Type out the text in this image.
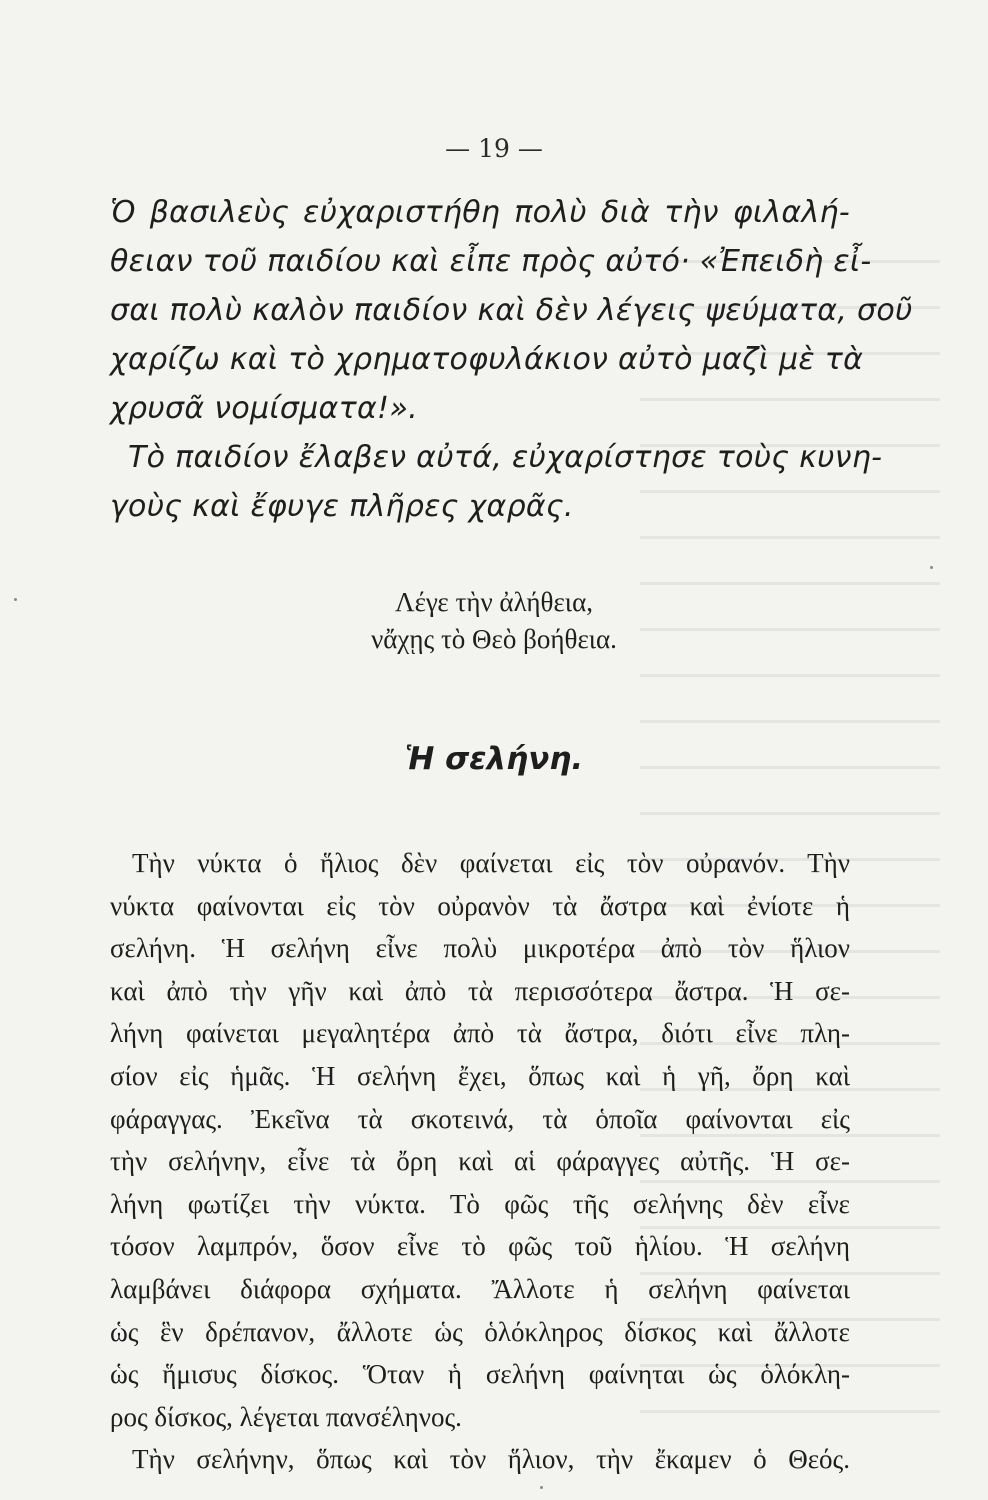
— 19 —
Ὁ βασιλεὺς εὐχαριστήθη πολὺ διὰ τὴν φιλαλή-
θειαν τοῦ παιδίου καὶ εἶπε πρὸς αὐτό· «Ἐπειδὴ εἶ-
σαι πολὺ καλὸν παιδίον καὶ δὲν λέγεις ψεύματα, σοῦ
χαρίζω καὶ τὸ χρηματοφυλάκιον αὐτὸ μαζὶ μὲ τὰ
χρυσᾶ νομίσματα!».
Τὸ παιδίον ἔλαβεν αὐτά, εὐχαρίστησε τοὺς κυνη-
γοὺς καὶ ἔφυγε πλῆρες χαρᾶς.
Λέγε τὴν ἀλήθεια,
νἄχῃς τὸ Θεὸ βοήθεια.
Ἡ σελήνη.
Τὴν νύκτα ὁ ἥλιος δὲν φαίνεται εἰς τὸν οὐρανόν. Τὴν
νύκτα φαίνονται εἰς τὸν οὐρανὸν τὰ ἄστρα καὶ ἐνίοτε ἡ
σελήνη. Ἡ σελήνη εἶνε πολὺ μικροτέρα ἀπὸ τὸν ἥλιον
καὶ ἀπὸ τὴν γῆν καὶ ἀπὸ τὰ περισσότερα ἄστρα. Ἡ σε-
λήνη φαίνεται μεγαλητέρα ἀπὸ τὰ ἄστρα, διότι εἶνε πλη-
σίον εἰς ἡμᾶς. Ἡ σελήνη ἔχει, ὅπως καὶ ἡ γῆ, ὄρη καὶ
φάραγγας. Ἐκεῖνα τὰ σκοτεινά, τὰ ὁποῖα φαίνονται εἰς
τὴν σελήνην, εἶνε τὰ ὄρη καὶ αἱ φάραγγες αὐτῆς. Ἡ σε-
λήνη φωτίζει τὴν νύκτα. Τὸ φῶς τῆς σελήνης δὲν εἶνε
τόσον λαμπρόν, ὅσον εἶνε τὸ φῶς τοῦ ἡλίου. Ἡ σελήνη
λαμβάνει διάφορα σχήματα. Ἄλλοτε ἡ σελήνη φαίνεται
ὡς ἓν δρέπανον, ἄλλοτε ὡς ὁλόκληρος δίσκος καὶ ἄλλοτε
ὡς ἥμισυς δίσκος. Ὅταν ἡ σελήνη φαίνηται ὡς ὁλόκλη-
ρος δίσκος, λέγεται πανσέληνος.
Τὴν σελήνην, ὅπως καὶ τὸν ἥλιον, τὴν ἔκαμεν ὁ Θεός.
